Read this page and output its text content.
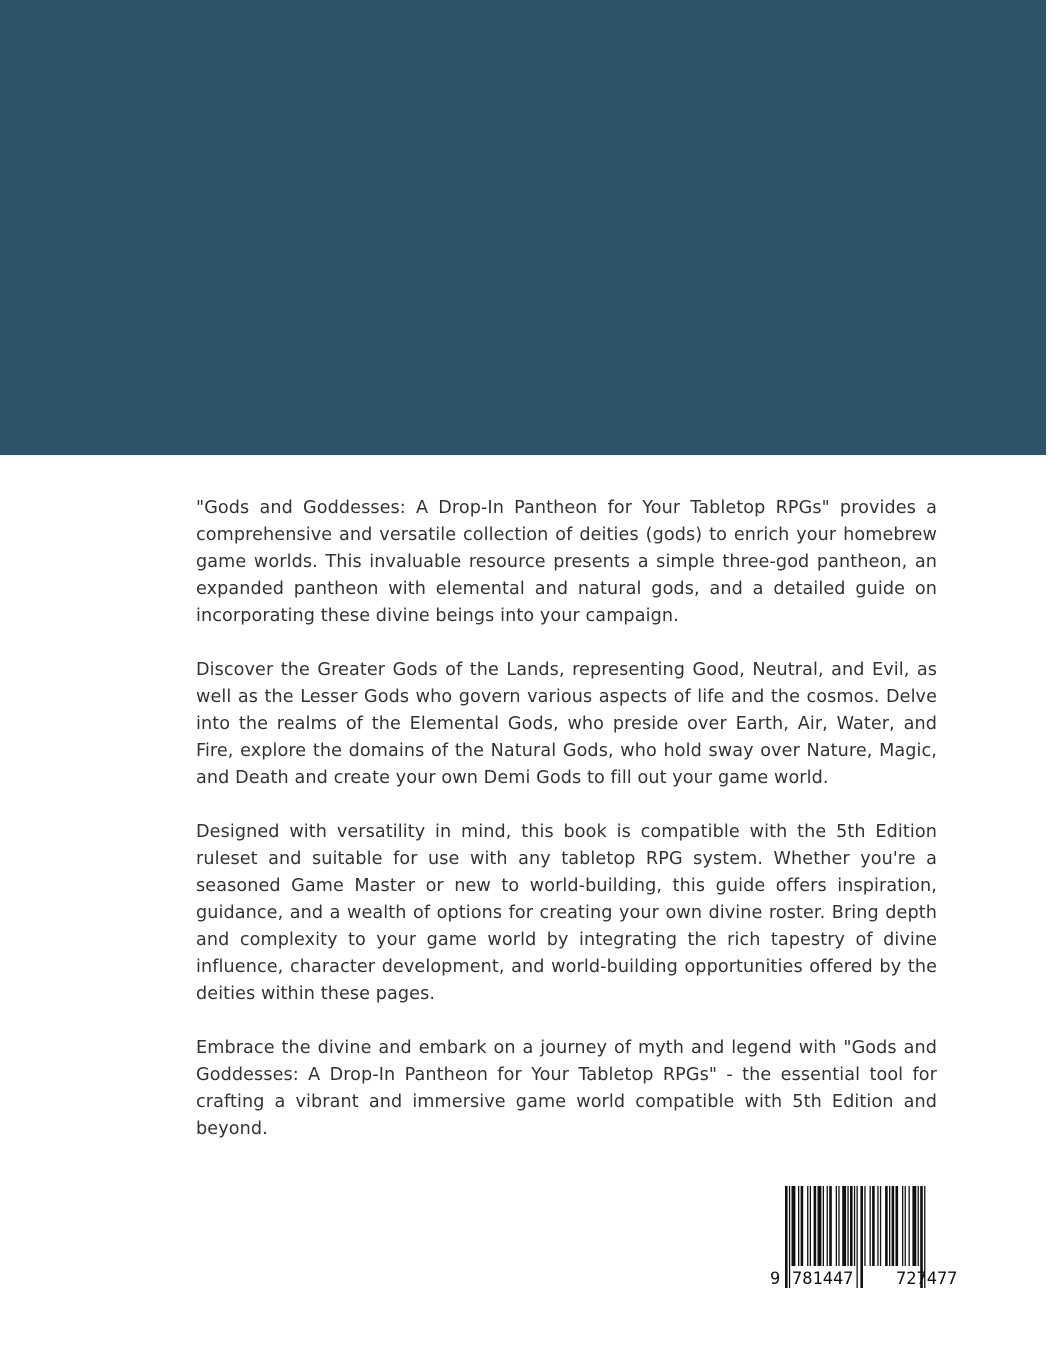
"Gods and Goddesses: A Drop-In Pantheon for Your Tabletop RPGs" provides a comprehensive and versatile collection of deities (gods) to enrich your homebrew game worlds. This invaluable resource presents a simple three-god pantheon, an expanded pantheon with elemental and natural gods, and a detailed guide on incorporating these divine beings into your campaign.

Discover the Greater Gods of the Lands, representing Good, Neutral, and Evil, as well as the Lesser Gods who govern various aspects of life and the cosmos. Delve into the realms of the Elemental Gods, who preside over Earth, Air, Water, and Fire, explore the domains of the Natural Gods, who hold sway over Nature, Magic, and Death and create your own Demi Gods to fill out your game world.

Designed with versatility in mind, this book is compatible with the 5th Edition ruleset and suitable for use with any tabletop RPG system. Whether you're a seasoned Game Master or new to world-building, this guide offers inspiration, guidance, and a wealth of options for creating your own divine roster. Bring depth and complexity to your game world by integrating the rich tapestry of divine influence, character development, and world-building opportunities offered by the deities within these pages.

Embrace the divine and embark on a journey of myth and legend with "Gods and Goddesses: A Drop-In Pantheon for Your Tabletop RPGs" - the essential tool for crafting a vibrant and immersive game world compatible with 5th Edition and beyond.

9 781447	727477
